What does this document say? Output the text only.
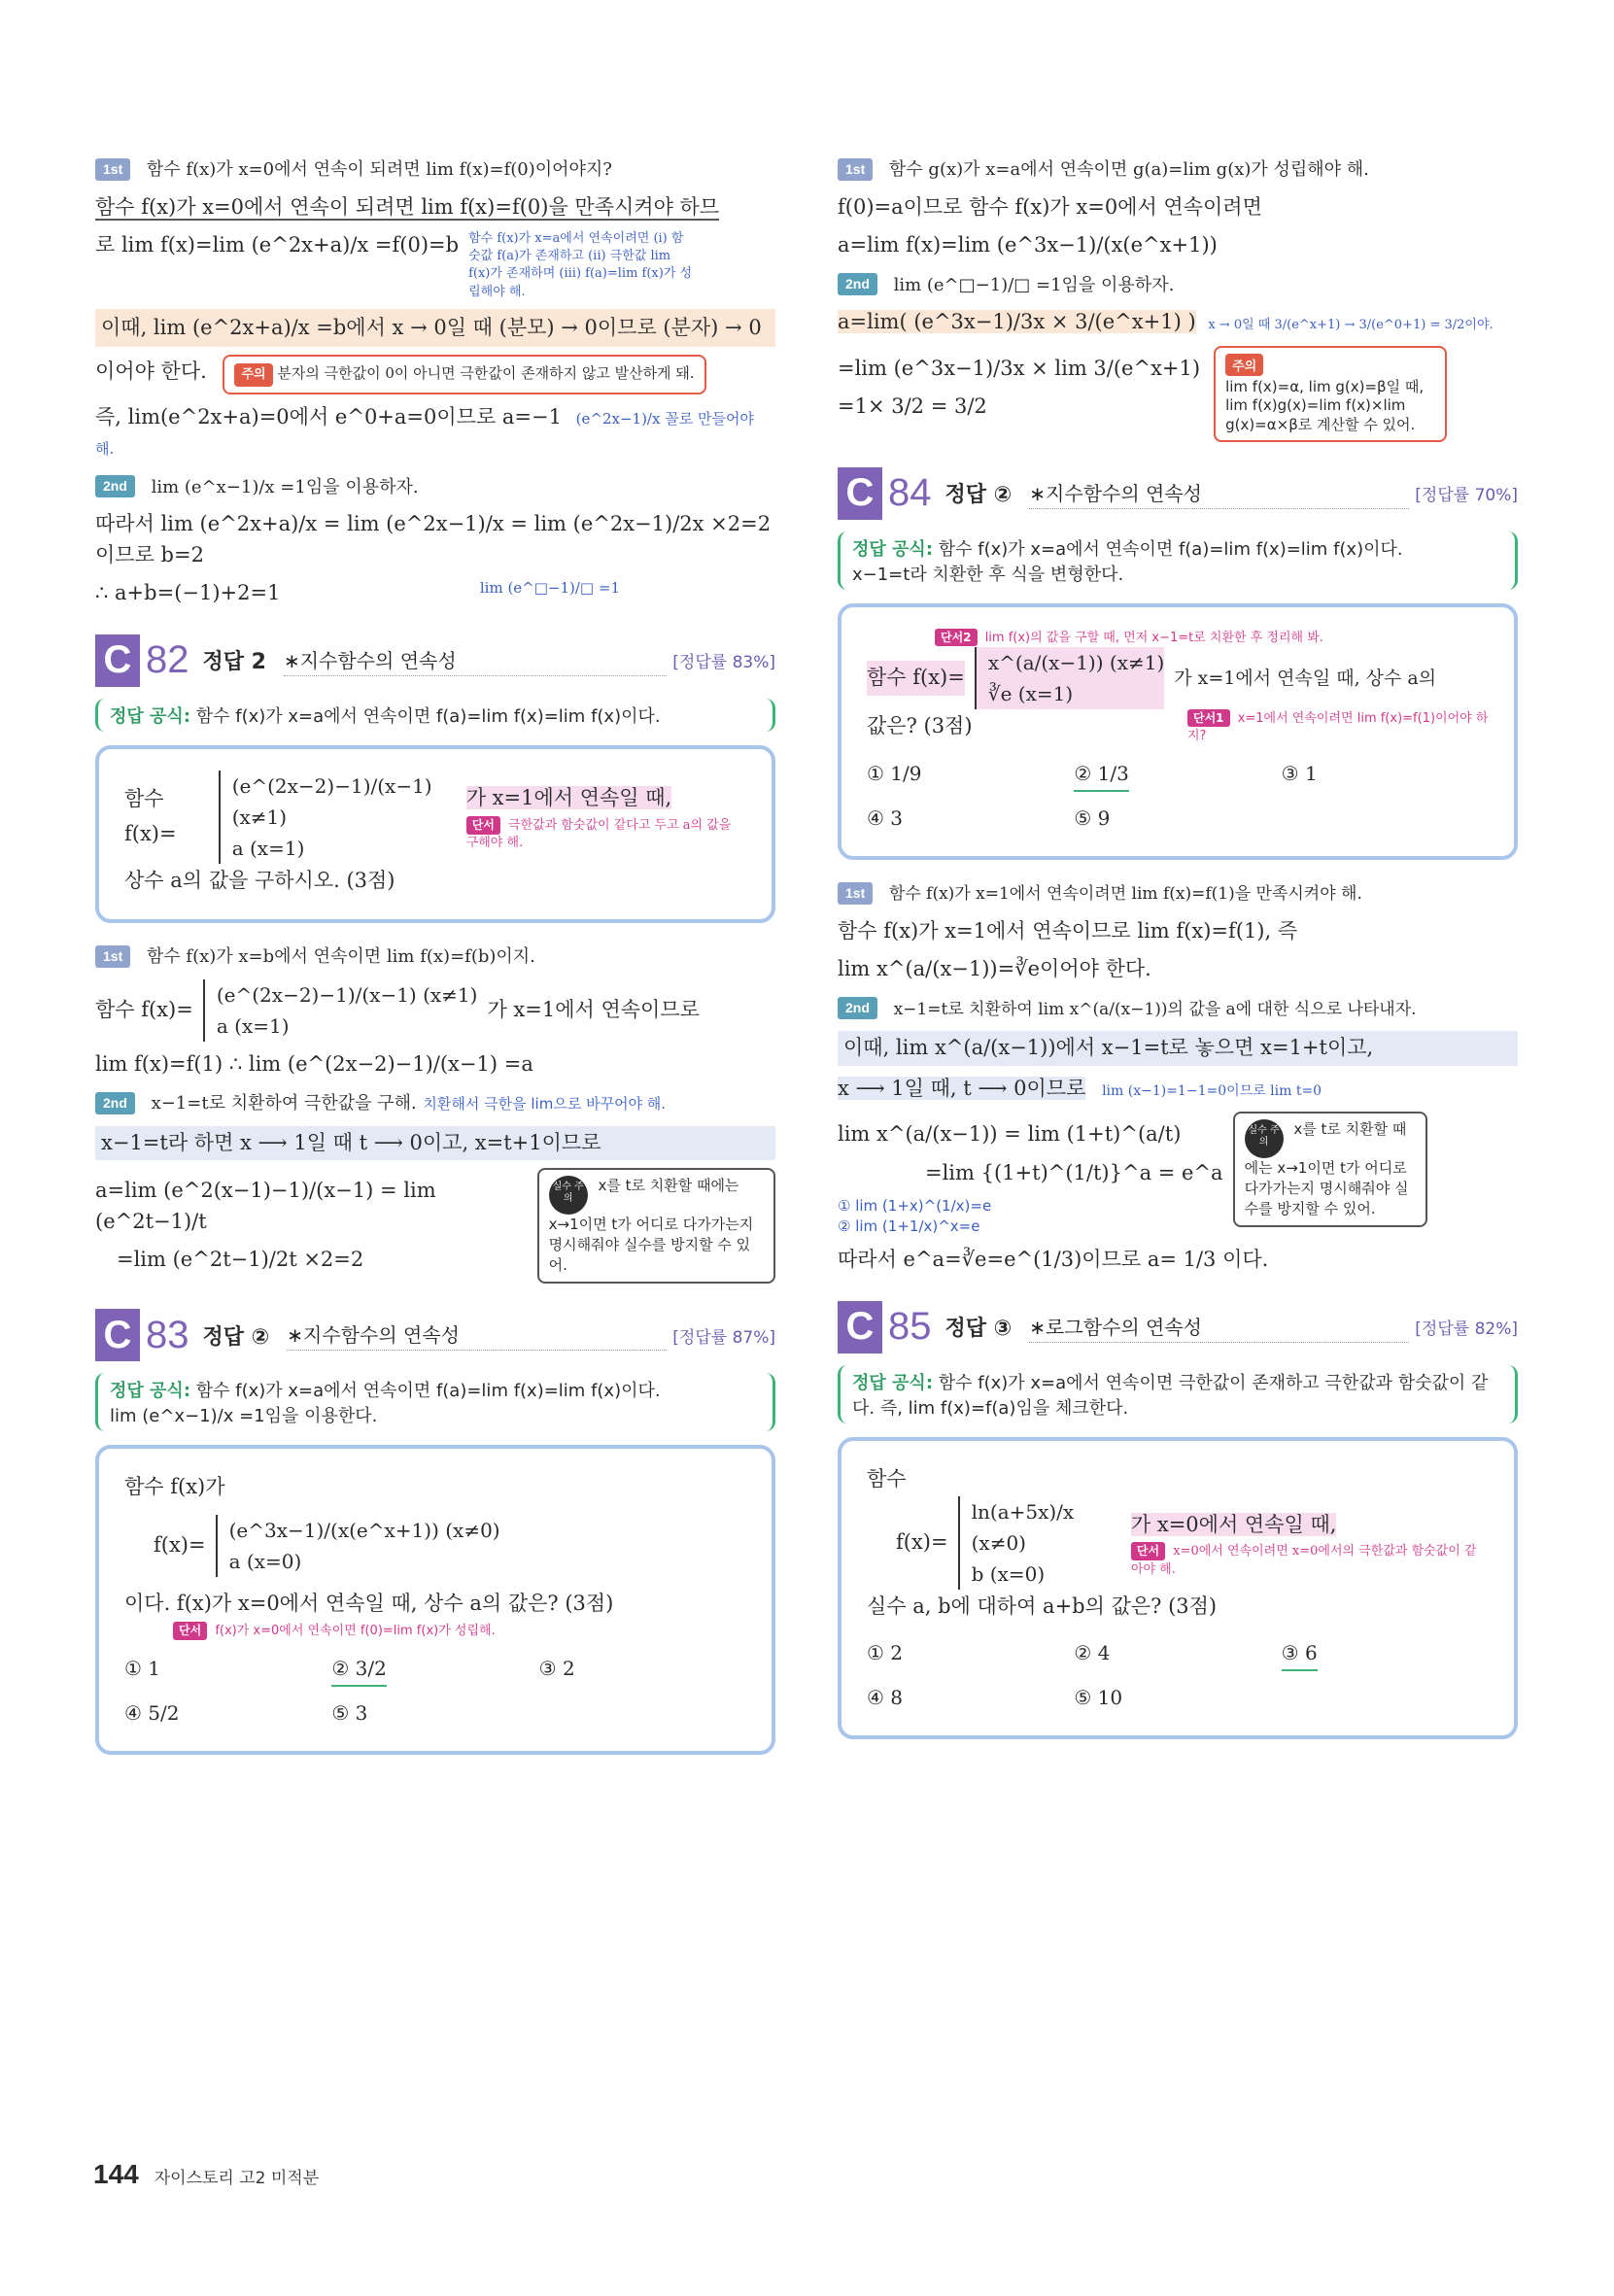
1st 함수 f(x)가 x=0에서 연속이 되려면 lim f(x)=f(0)이어야지?
함수 f(x)가 x=0에서 연속이 되려면 lim f(x)=f(0)을 만족시켜야 하므
로 lim f(x)=lim (e^2x+a)/x =f(0)=b 함수 f(x)가 x=a에서 연속이려면 (i) 함숫값 f(a)가 존재하고 (ii) 극한값 lim f(x)가 존재하며 (iii) f(a)=lim f(x)가 성립해야 해.
이때, lim (e^2x+a)/x =b에서 x → 0일 때 (분모) → 0이므로 (분자) → 0
이어야 한다.	주의 분자의 극한값이 0이 아니면 극한값이 존재하지 않고 발산하게 돼.
즉, lim(e^2x+a)=0에서 e^0+a=0이므로 a=−1 (e^2x−1)/x 꼴로 만들어야 해.
2nd lim (e^x−1)/x =1임을 이용하자.
따라서 lim (e^2x+a)/x = lim (e^2x−1)/x = lim (e^2x−1)/2x ×2=2이므로 b=2
∴ a+b=(−1)+2=1	lim (e^□−1)/□ =1
C 82 정답 2 ∗지수함수의 연속성	[정답률 83%]
정답 공식: 함수 f(x)가 x=a에서 연속이면 f(a)=lim f(x)=lim f(x)이다.
함수 f(x)=
(e^(2x−2)−1)/(x−1) (x≠1)
a (x=1)
가 x=1에서 연속일 때,
단서 극한값과 함숫값이 같다고 두고 a의 값을 구해야 해.
상수 a의 값을 구하시오. (3점)
1st 함수 f(x)가 x=b에서 연속이면 lim f(x)=f(b)이지.
함수 f(x)=
(e^(2x−2)−1)/(x−1) (x≠1)
a (x=1)
가 x=1에서 연속이므로
lim f(x)=f(1) ∴ lim (e^(2x−2)−1)/(x−1) =a
2nd x−1=t로 치환하여 극한값을 구해. 치환해서 극한을 lim으로 바꾸어야 해.
x−1=t라 하면 x ⟶ 1일 때 t ⟶ 0이고, x=t+1이므로
a=lim (e^2(x−1)−1)/(x−1) = lim (e^2t−1)/t
=lim (e^2t−1)/2t ×2=2
실수 주의 x를 t로 치환할 때에는 x→1이면 t가 어디로 다가가는지 명시해줘야 실수를 방지할 수 있어.
C 83 정답 ② ∗지수함수의 연속성	[정답률 87%]
정답 공식: 함수 f(x)가 x=a에서 연속이면 f(a)=lim f(x)=lim f(x)이다.
lim (e^x−1)/x =1임을 이용한다.
함수 f(x)가
f(x)=
(e^3x−1)/(x(e^x+1)) (x≠0)
a (x=0)
이다. f(x)가 x=0에서 연속일 때, 상수 a의 값은? (3점)
단서 f(x)가 x=0에서 연속이면 f(0)=lim f(x)가 성립해.
① 1	② 3/2	③ 2
④ 5/2	⑤ 3
1st 함수 g(x)가 x=a에서 연속이면 g(a)=lim g(x)가 성립해야 해.
f(0)=a이므로 함수 f(x)가 x=0에서 연속이려면
a=lim f(x)=lim (e^3x−1)/(x(e^x+1))
2nd lim (e^□−1)/□ =1임을 이용하자.
a=lim( (e^3x−1)/3x × 3/(e^x+1) ) x → 0일 때 3/(e^x+1) → 3/(e^0+1) = 3/2이야.
=lim (e^3x−1)/3x × lim 3/(e^x+1)
=1× 3/2 = 3/2
주의
lim f(x)=α, lim g(x)=β일 때, lim f(x)g(x)=lim f(x)×lim g(x)=α×β로 계산할 수 있어.
C 84 정답 ② ∗지수함수의 연속성	[정답률 70%]
정답 공식: 함수 f(x)가 x=a에서 연속이면 f(a)=lim f(x)=lim f(x)이다.
x−1=t라 치환한 후 식을 변형한다.
단서2 lim f(x)의 값을 구할 때, 먼저 x−1=t로 치환한 후 정리해 봐.
함수 f(x)=
x^(a/(x−1)) (x≠1)
∛e (x=1)
가 x=1에서 연속일 때, 상수 a의
값은? (3점)	단서1 x=1에서 연속이려면 lim f(x)=f(1)이어야 하지?
① 1/9	② 1/3	③ 1
④ 3	⑤ 9
1st 함수 f(x)가 x=1에서 연속이려면 lim f(x)=f(1)을 만족시켜야 해.
함수 f(x)가 x=1에서 연속이므로 lim f(x)=f(1), 즉
lim x^(a/(x−1))=∛e이어야 한다.
2nd x−1=t로 치환하여 lim x^(a/(x−1))의 값을 a에 대한 식으로 나타내자.
이때, lim x^(a/(x−1))에서 x−1=t로 놓으면 x=1+t이고,
x ⟶ 1일 때, t ⟶ 0이므로 lim (x−1)=1−1=0이므로 lim t=0
lim x^(a/(x−1)) = lim (1+t)^(a/t)
=lim {(1+t)^(1/t)}^a = e^a
① lim (1+x)^(1/x)=e
② lim (1+1/x)^x=e
실수 주의 x를 t로 치환할 때에는 x→1이면 t가 어디로 다가가는지 명시해줘야 실수를 방지할 수 있어.
따라서 e^a=∛e=e^(1/3)이므로 a= 1/3 이다.
C 85 정답 ③ ∗로그함수의 연속성	[정답률 82%]
정답 공식: 함수 f(x)가 x=a에서 연속이면 극한값이 존재하고 극한값과 함숫값이 같다. 즉, lim f(x)=f(a)임을 체크한다.
함수
f(x)=
ln(a+5x)/x (x≠0)
b (x=0)
가 x=0에서 연속일 때,
단서 x=0에서 연속이려면 x=0에서의 극한값과 함숫값이 같아야 해.
실수 a, b에 대하여 a+b의 값은? (3점)
① 2	② 4	③ 6
④ 8	⑤ 10
144 자이스토리 고2 미적분
